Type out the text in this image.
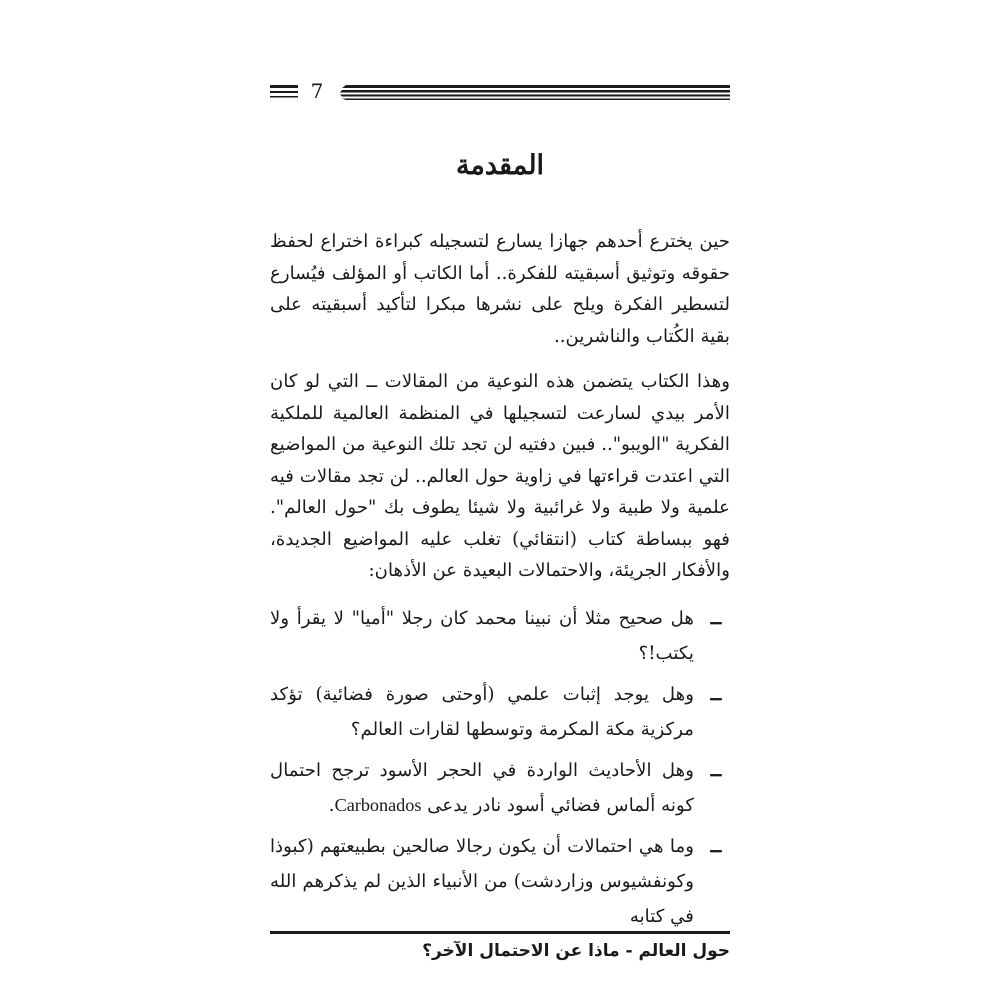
7
المقدمة

حين يخترع أحدهم جهازا يسارع لتسجيله كبراءة اختراع لحفظ حقوقه وتوثيق أسبقيته للفكرة.. أما الكاتب أو المؤلف فيُسارع لتسطير الفكرة ويلح على نشرها مبكرا لتأكيد أسبقيته على بقية الكُتاب والناشرين..

وهذا الكتاب يتضمن هذه النوعية من المقالات ــ التي لو كان الأمر بيدي لسارعت لتسجيلها في المنظمة العالمية للملكية الفكرية "الويبو".. فبين دفتيه لن تجد تلك النوعية من المواضيع التي اعتدت قراءتها في زاوية حول العالم.. لن تجد مقالات فيه علمية ولا طبية ولا غرائبية ولا شيئا يطوف بك "حول العالم". فهو ببساطة كتاب (انتقائي) تغلب عليه المواضيع الجديدة، والأفكار الجريئة، والاحتمالات البعيدة عن الأذهان:

ــ
هل صحيح مثلا أن نبينا محمد كان رجلا "أميا" لا يقرأ ولا يكتب!؟
ــ
وهل يوجد إثبات علمي (أوحتى صورة فضائية) تؤكد مركزية مكة المكرمة وتوسطها لقارات العالم؟
ــ
وهل الأحاديث الواردة في الحجر الأسود ترجح احتمال كونه ألماس فضائي أسود نادر يدعى Carbonados.
ــ
وما هي احتمالات أن يكون رجالا صالحين بطبيعتهم (كبوذا وكونفشيوس وزاردشت) من الأنبياء الذين لم يذكرهم الله في كتابه
حول العالم - ماذا عن الاحتمال الآخر؟
